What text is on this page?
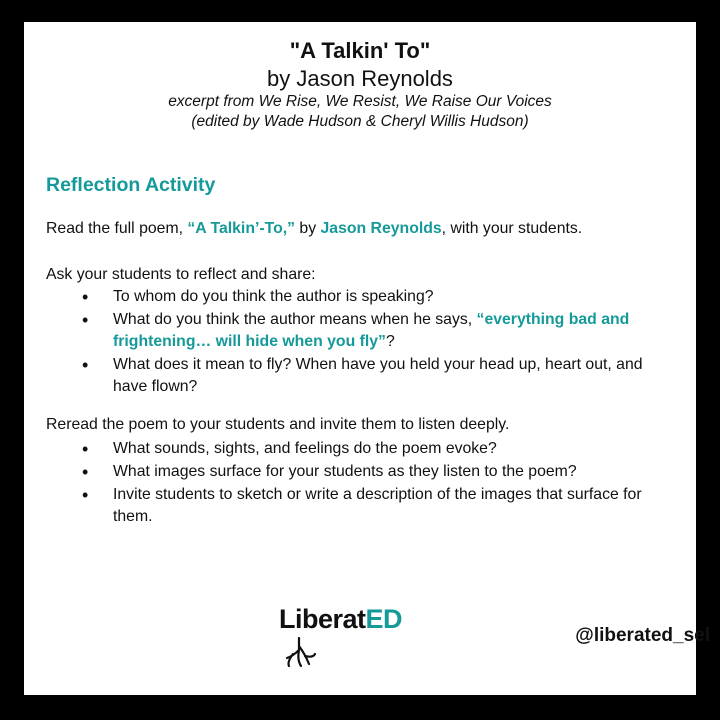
"A Talkin' To"
by Jason Reynolds
excerpt from We Rise, We Resist, We Raise Our Voices
(edited by Wade Hudson & Cheryl Willis Hudson)
Reflection Activity
Read the full poem, “A Talkin’-To,” by Jason Reynolds, with your students.
Ask your students to reflect and share:
• To whom do you think the author is speaking?
• What do you think the author means when he says, “everything bad and frightening… will hide when you fly”?
• What does it mean to fly? When have you held your head up, heart out, and have flown?
Reread the poem to your students and invite them to listen deeply.
• What sounds, sights, and feelings do the poem evoke?
• What images surface for your students as they listen to the poem?
• Invite students to sketch or write a description of the images that surface for them.
LiberatED
@liberated_sel
